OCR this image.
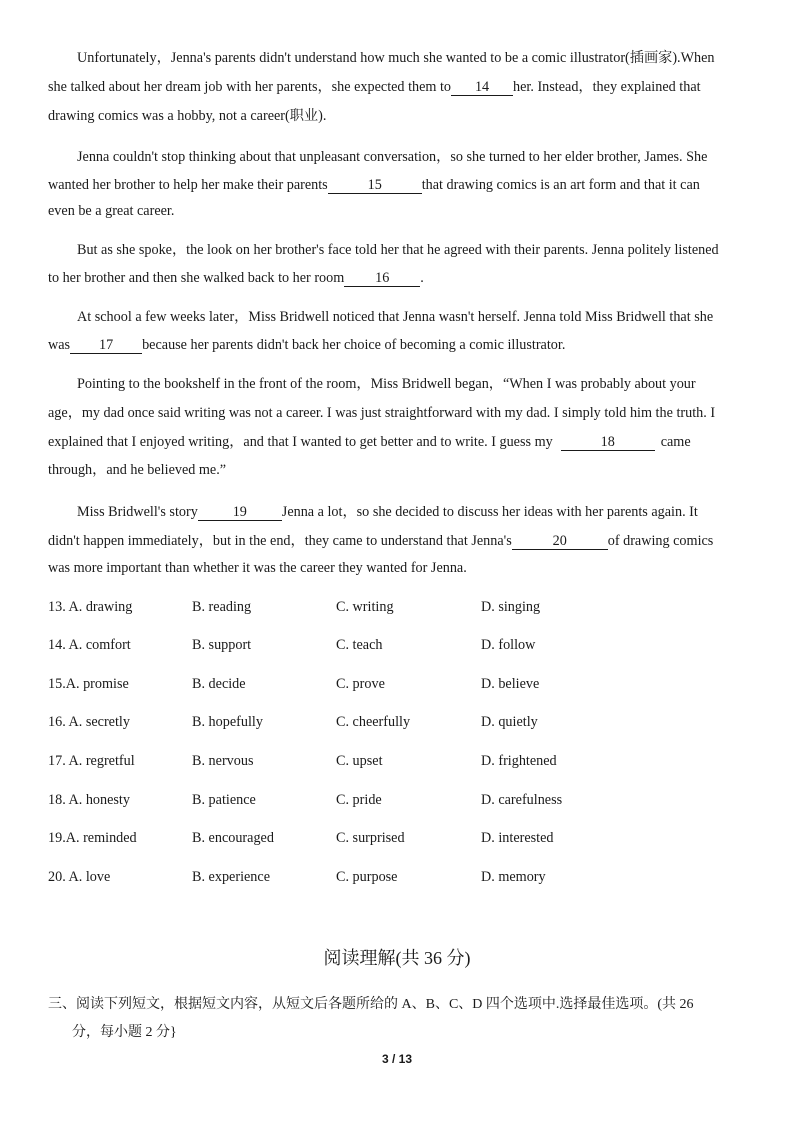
Unfortunately，Jenna's parents didn't understand how much she wanted to be a comic illustrator(插画家).When
she talked about her dream job with her parents，she expected them to 14 her. Instead，they explained that
drawing comics was a hobby, not a career(职业).
Jenna couldn't stop thinking about that unpleasant conversation，so she turned to her elder brother, James. She
wanted her brother to help her make their parents	15	that drawing comics is an art form and that it can
even be a great career.
But as she spoke，the look on her brother's face told her that he agreed with their parents. Jenna politely listened
to her brother and then she walked back to her room 16 .
At school a few weeks later，Miss Bridwell noticed that Jenna wasn't herself. Jenna told Miss Bridwell that she
was 17 because her parents didn't back her choice of becoming a comic illustrator.
Pointing to the bookshelf in the front of the room，Miss Bridwell began，“When I was probably about your
age，my dad once said writing was not a career. I was just straightforward with my dad. I simply told him the truth. I
explained that I enjoyed writing，and that I wanted to get better and to write. I guess my	18	came
through，and he believed me.”
Miss Bridwell's story 19 Jenna a lot，so she decided to discuss her ideas with her parents again. It
didn't happen immediately，but in the end，they came to understand that Jenna's	20	of drawing comics
was more important than whether it was the career they wanted for Jenna.
13. A. drawing	B. reading	C. writing	D. singing
14. A. comfort	B. support	C. teach	D. follow
15.A. promise	B. decide	C. prove	D. believe
16. A. secretly	B. hopefully	C. cheerfully	D. quietly
17. A. regretful	B. nervous	C. upset	D. frightened
18. A. honesty	B. patience	C. pride	D. carefulness
19.A. reminded	B. encouraged	C. surprised	D. interested
20. A. love	B. experience	C. purpose	D. memory
阅读理解(共 36 分)
三、阅读下列短文，根据短文内容，从短文后各题所给的 A、B、C、D 四个选项中.选择最佳选项。(共 26
分，每小题 2 分}
3 / 13
